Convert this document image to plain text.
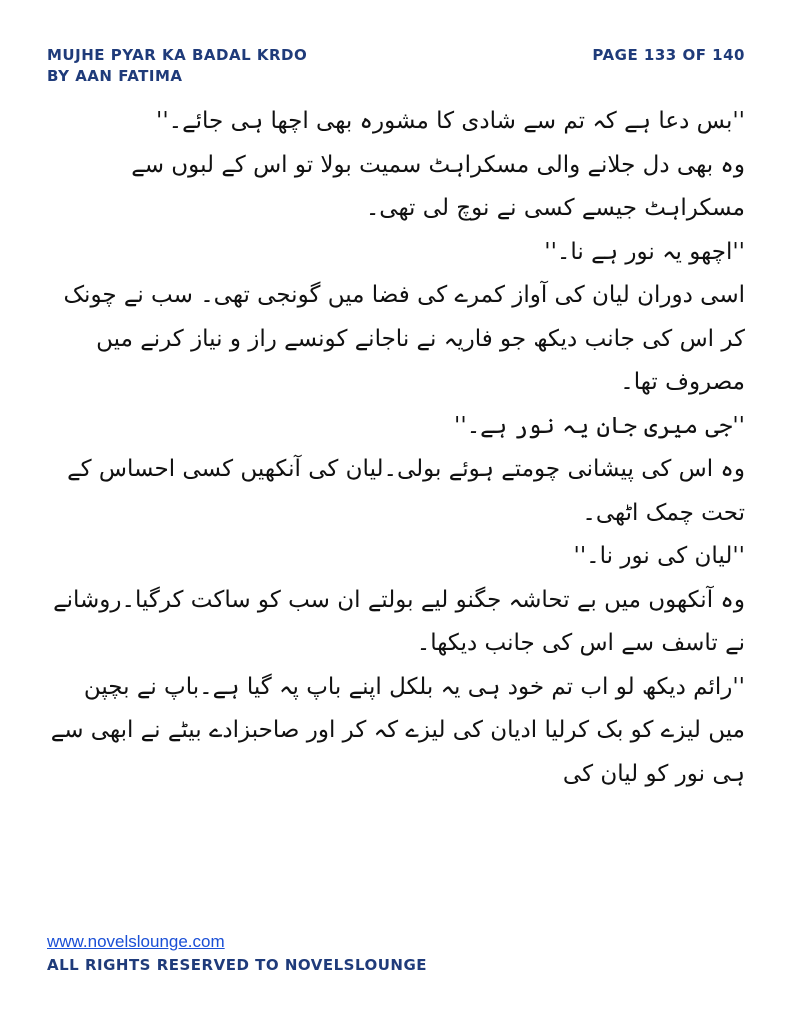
MUJHE PYAR KA BADAL KRDO
BY AAN FATIMA
PAGE 133 OF 140

''بس دعا ہے کہ تم سے شادی کا مشورہ بھی اچھا ہی جائے۔''

وہ بھی دل جلانے والی مسکراہٹ سمیت بولا تو اس کے لبوں سے مسکراہٹ جیسے کسی نے نوچ لی تھی۔

''اچھو یہ نور ہے نا۔''

اسی دوران لیان کی آواز کمرے کی فضا میں گونجی تھی۔ سب نے چونک کر اس کی جانب دیکھ جو فاریہ نے ناجانے کونسے راز و نیاز کرنے میں مصروف تھا۔

''جی میری جان یہ نور ہے۔''

وہ اس کی پیشانی چومتے ہوئے بولی۔لیان کی آنکھیں کسی احساس کے تحت چمک اٹھی۔

''لیان کی نور نا۔''

وہ آنکھوں میں بے تحاشہ جگنو لیے بولتے ان سب کو ساکت کرگیا۔روشانے نے تاسف سے اس کی جانب دیکھا۔

''رائم دیکھ لو اب تم خود ہی یہ بلکل اپنے باپ پہ گیا ہے۔باپ نے بچپن میں لیزے کو بک کرلیا ادیان کی لیزے کہ کر اور صاحبزادے بیٹے نے ابھی سے ہی نور کو لیان کی

www.novelslounge.com
ALL RIGHTS RESERVED TO NOVELSLOUNGE
